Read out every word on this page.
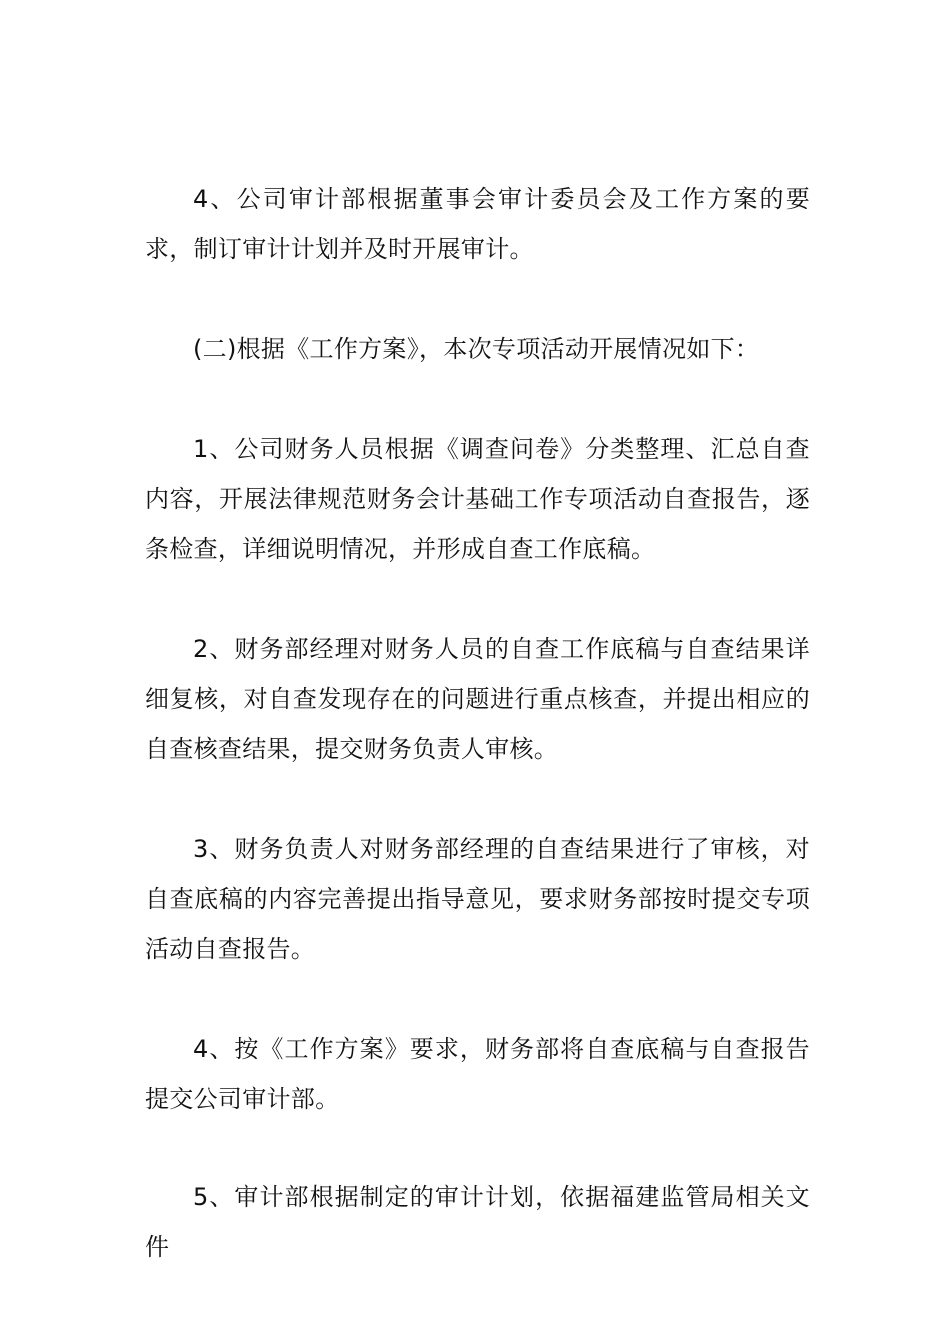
4、公司审计部根据董事会审计委员会及工作方案的要求，制订审计计划并及时开展审计。

(二)根据《工作方案》，本次专项活动开展情况如下：

1、公司财务人员根据《调查问卷》分类整理、汇总自查内容，开展法律规范财务会计基础工作专项活动自查报告，逐条检查，详细说明情况，并形成自查工作底稿。

2、财务部经理对财务人员的自查工作底稿与自查结果详细复核，对自查发现存在的问题进行重点核查，并提出相应的自查核查结果，提交财务负责人审核。

3、财务负责人对财务部经理的自查结果进行了审核，对自查底稿的内容完善提出指导意见，要求财务部按时提交专项活动自查报告。

4、按《工作方案》要求，财务部将自查底稿与自查报告提交公司审计部。

5、审计部根据制定的审计计划，依据福建监管局相关文件
